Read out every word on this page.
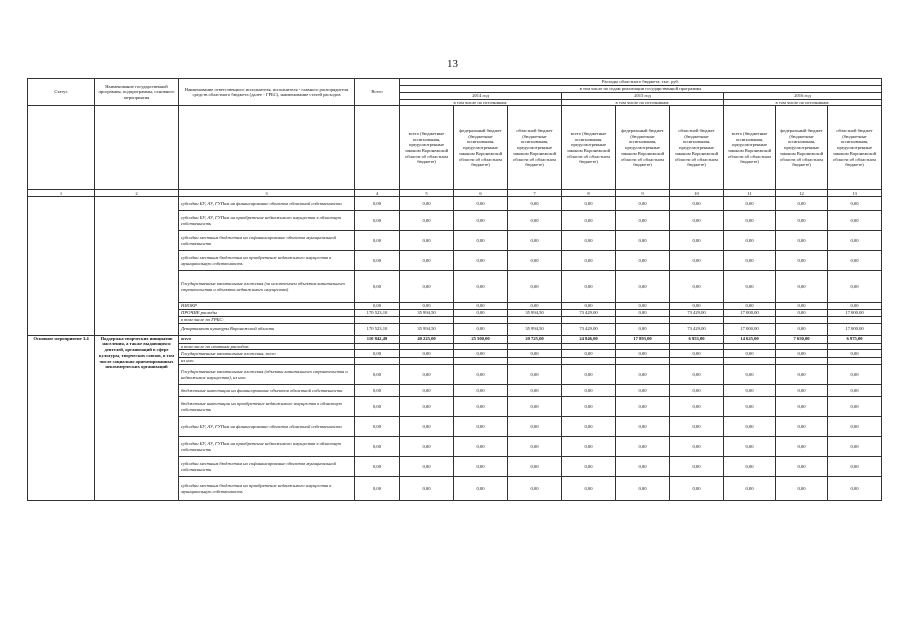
13
Статус	Наименование государственной программы, подпрограммы, основного мероприятия	Наименование ответственного исполнителя, исполнителя - главного распорядителя средств областного бюджета (далее - ГРБС), наименование статей расходов	Всего	Расходы областного бюджета, тыс. руб.								
				в том числе по годам реализации государственной программы								
				2014 год			2015 год			2016 год		
				в том числе по источникам:			в том числе по источникам:			в том числе по источникам:		
				всего (бюджетные ассигнования, предусмотренные законом Воронежской области об областном бюджете)	федеральный бюджет (бюджетные ассигнования, предусмотренные законом Воронежской области об областном бюджете)	областной бюджет (бюджетные ассигнования, предусмотренные законом Воронежской области об областном бюджете)	всего (бюджетные ассигнования, предусмотренные законом Воронежской области об областном бюджете)	федеральный бюджет (бюджетные ассигнования, предусмотренные законом Воронежской области об областном бюджете)	областной бюджет (бюджетные ассигнования, предусмотренные законом Воронежской области об областном бюджете)	всего (бюджетные ассигнования, предусмотренные законом Воронежской области об областном бюджете)	федеральный бюджет (бюджетные ассигнования, предусмотренные законом Воронежской области об областном бюджете)	областной бюджет (бюджетные ассигнования, предусмотренные законом Воронежской области об областном бюджете)
1	2	3	4	5	6	7	8	9	10	11	12	13
		субсидии БУ, АУ, ГУПам на финансирование объектов областной собственности	0,00	0,00	0,00	0,00	0,00	0,00	0,00	0,00	0,00	0,00
		субсидии БУ, АУ, ГУПам на приобретение недвижимого имущества в областную собственность	0,00	0,00	0,00	0,00	0,00	0,00	0,00	0,00	0,00	0,00
		субсидии местным бюджетам на софинансирование объектов муниципальной собственности	0,00	0,00	0,00	0,00	0,00	0,00	0,00	0,00	0,00	0,00
		субсидии местным бюджетам на приобретение недвижимого имущества в муниципальную собственность	0,00	0,00	0,00	0,00	0,00	0,00	0,00	0,00	0,00	0,00
		Государственные капитальные вложения (за исключением объектов капитального строительства и объектов недвижимого имущества)	0,00	0,00	0,00	0,00	0,00	0,00	0,00	0,00	0,00	0,00
		НИОКР	0,00	0,00	0,00	0,00	0,00	0,00	0,00	0,00	0,00	0,00
		ПРОЧИЕ расходы	170 523,10	35 994,50	0,00	35 994,50	73 429,00	0,00	73 429,00	17 000,00	0,00	17 000,00
		в том числе по ГРБС:										
		Департамент культуры Воронежской области	170 523,10	35 994,50	0,00	35 994,50	73 429,00	0,00	73 429,00	17 000,00	0,00	17 000,00
Основное мероприятие 3.4	Поддержка творческих инициатив населения, а также выдающихся деятелей, организаций в сфере культуры, творческих союзов, в том числе социально ориентированных некоммерческих организаций	всего	110 842,49	40 225,00	25 500,00	20 725,00	24 846,00	17 893,00	6 953,00	14 625,00	7 650,00	6 975,00
		в том числе по статьям расходов:										
		Государственные капитальные вложения, всего	0,00	0,00	0,00	0,00	0,00	0,00	0,00	0,00	0,00	0,00
		из них:										
		Государственные капитальные вложения (объекты капитального строительства и недвижимое имущество), из них:	0,00	0,00	0,00	0,00	0,00	0,00	0,00	0,00	0,00	0,00
		бюджетные инвестиции на финансирование объектов областной собственности	0,00	0,00	0,00	0,00	0,00	0,00	0,00	0,00	0,00	0,00
		бюджетные инвестиции на приобретение недвижимого имущества в областную собственность	0,00	0,00	0,00	0,00	0,00	0,00	0,00	0,00	0,00	0,00
		субсидии БУ, АУ, ГУПам на финансирование объектов областной собственности	0,00	0,00	0,00	0,00	0,00	0,00	0,00	0,00	0,00	0,00
		субсидии БУ, АУ, ГУПам на приобретение недвижимого имущества в областную собственность	0,00	0,00	0,00	0,00	0,00	0,00	0,00	0,00	0,00	0,00
		субсидии местным бюджетам на софинансирование объектов муниципальной собственности	0,00	0,00	0,00	0,00	0,00	0,00	0,00	0,00	0,00	0,00
		субсидии местным бюджетам на приобретение недвижимого имущества в муниципальную собственность	0,00	0,00	0,00	0,00	0,00	0,00	0,00	0,00	0,00	0,00
